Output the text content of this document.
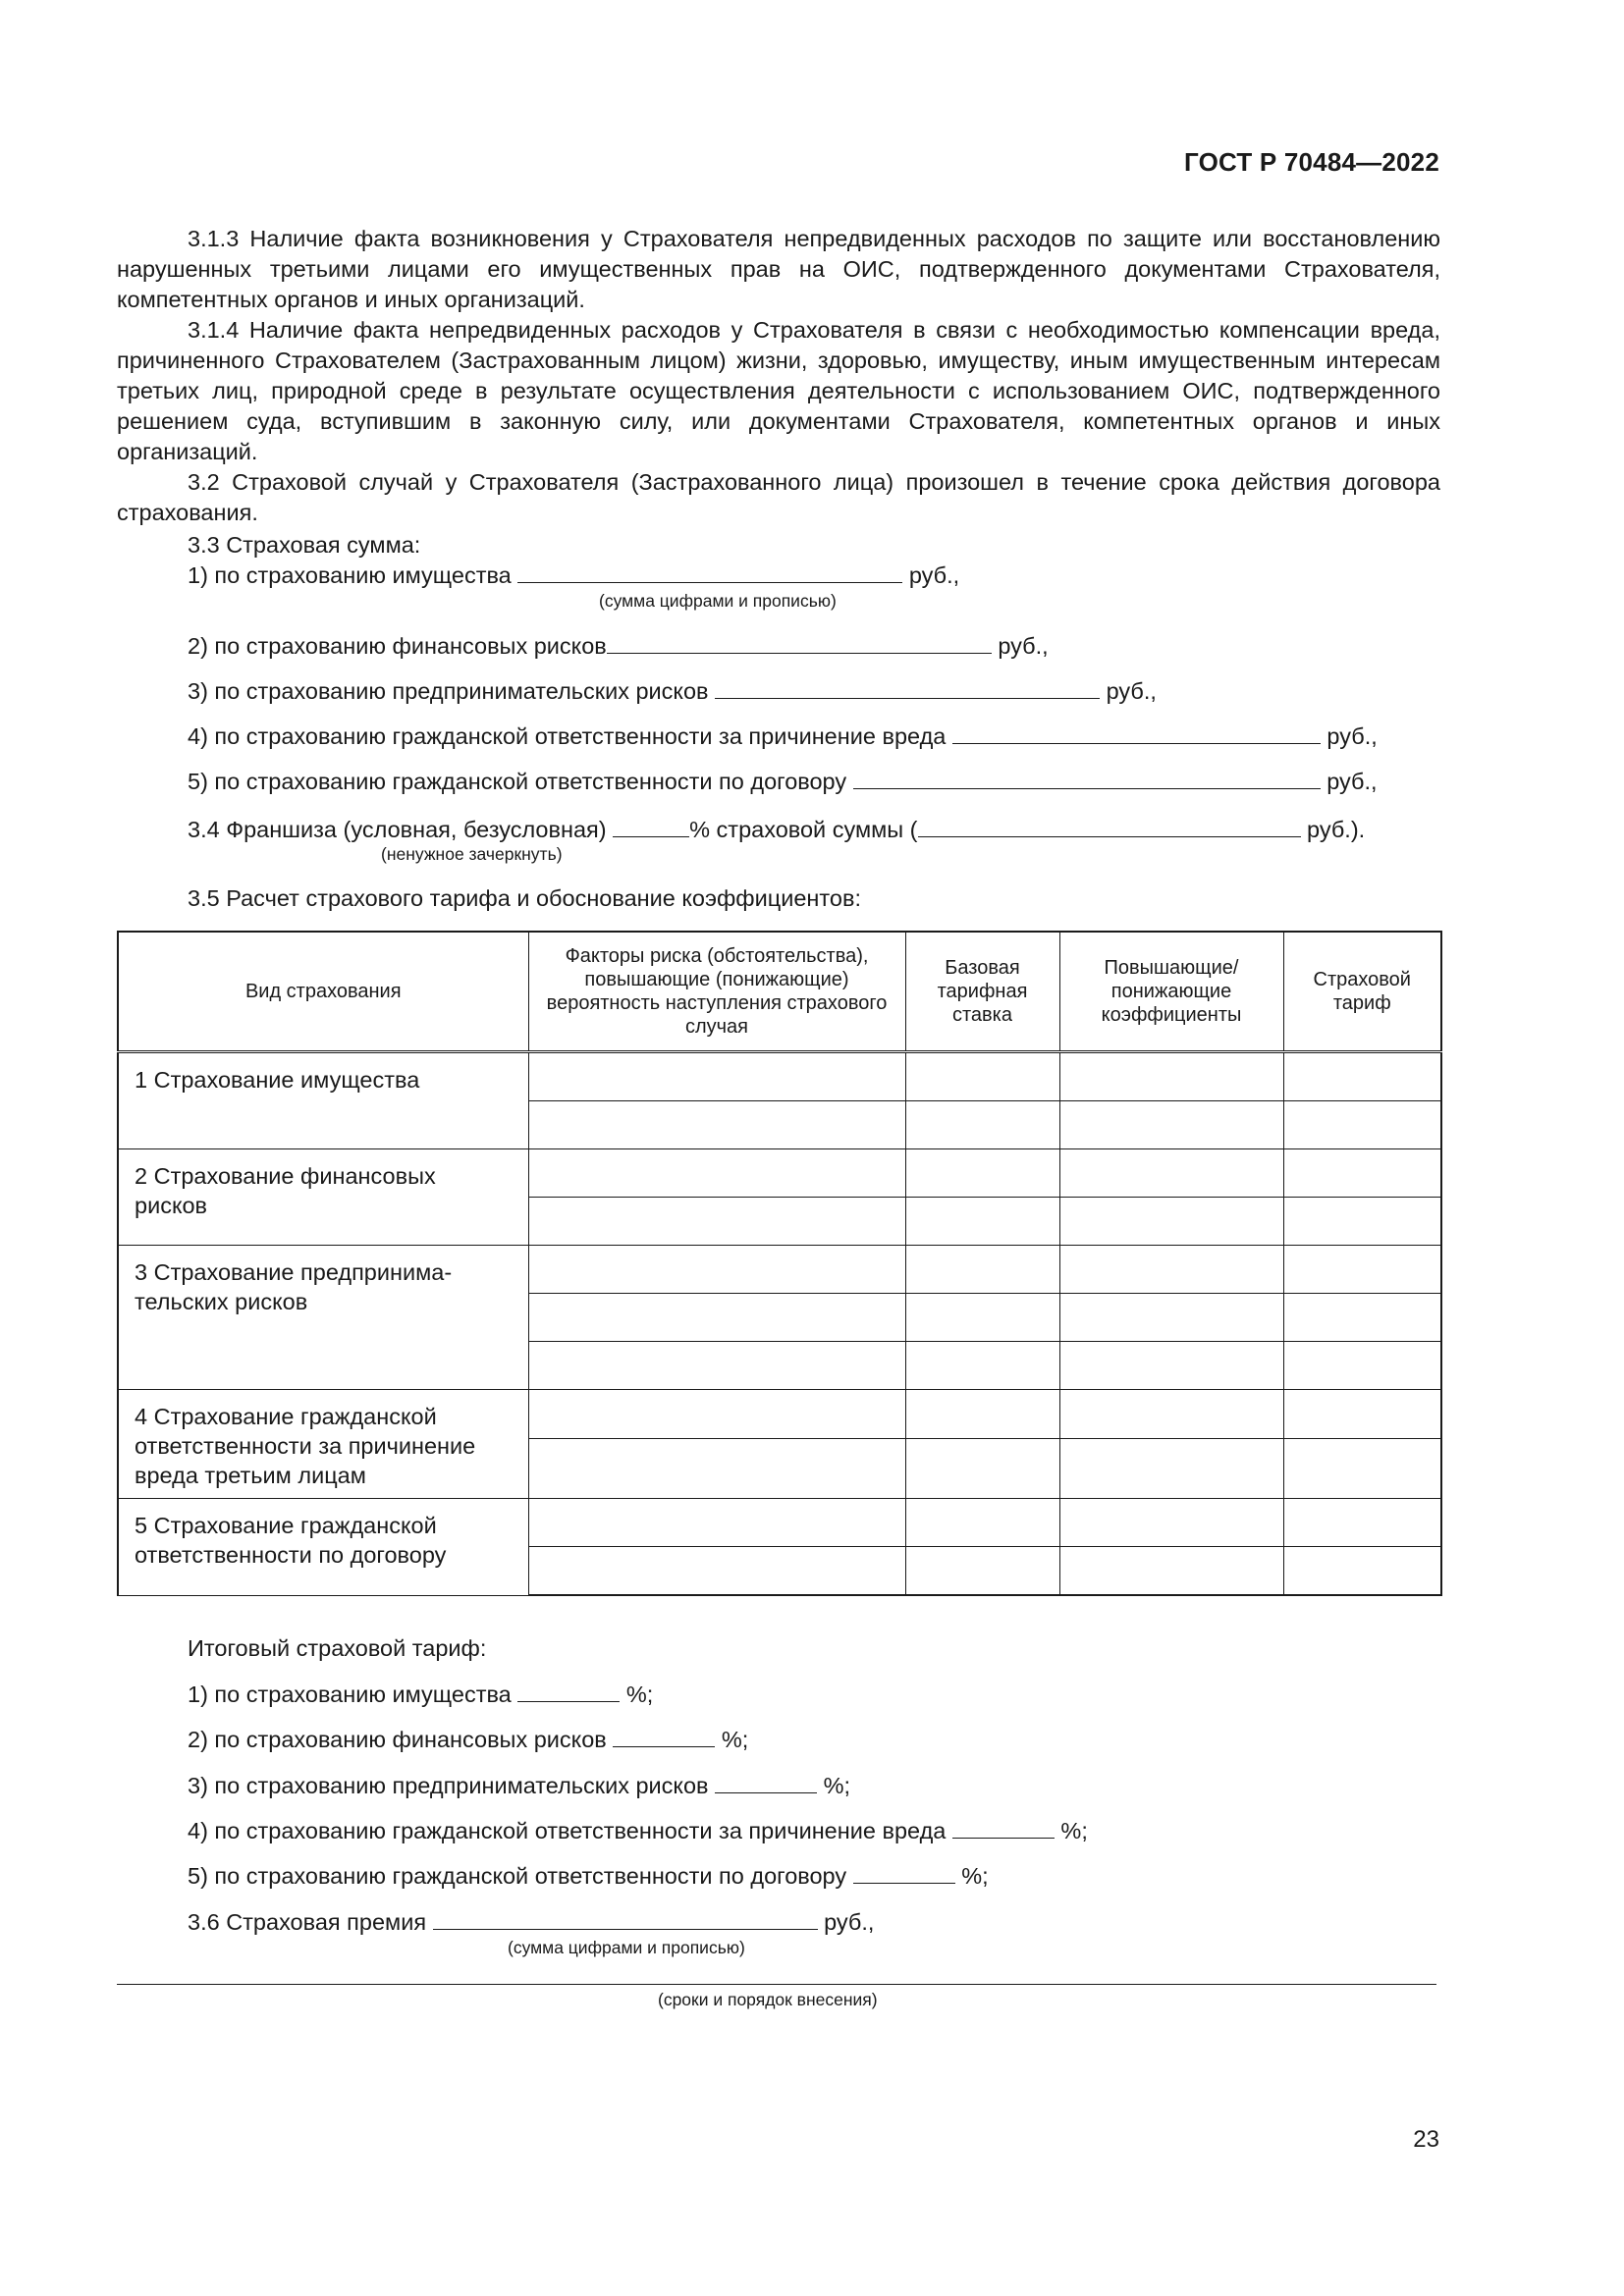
ГОСТ Р 70484—2022

3.1.3 Наличие факта возникновения у Страхователя непредвиденных расходов по защите или восстановлению нарушенных третьими лицами его имущественных прав на ОИС, подтвержденного документами Страхователя, компетентных органов и иных организаций.

3.1.4 Наличие факта непредвиденных расходов у Страхователя в связи с необходимостью компенсации вреда, причиненного Страхователем (Застрахованным лицом) жизни, здоровью, имуществу, иным имущественным интересам третьих лиц, природной среде в результате осуществления деятельности с использованием ОИС, подтвержденного решением суда, вступившим в законную силу, или документами Страхователя, компетентных органов и иных организаций.

3.2 Страховой случай у Страхователя (Застрахованного лица) произошел в течение срока действия договора страхования.

3.3 Страховая сумма:
1) по страхованию имущества	руб.,
(сумма цифрами и прописью)
2) по страхованию финансовых рисков	руб.,
3) по страхованию предпринимательских рисков	руб.,
4) по страхованию гражданской ответственности за причинение вреда	руб.,
5) по страхованию гражданской ответственности по договору	руб.,
3.4 Франшиза (условная, безусловная)	% страховой суммы (	руб.).
(ненужное зачеркнуть)
3.5 Расчет страхового тарифа и обоснование коэффициентов:
Вид страхования	Факторы риска (обстоятельства), повышающие (понижающие) вероятность наступления страхового случая	Базовая тарифная ставка	Повышающие/ понижающие коэффициенты	Страховой тариф
1 Страхование имущества				

2 Страхование финансовых рисков				

3 Страхование предпринима-тельских рисков				

4 Страхование гражданской ответственности за причинение вреда третьим лицам				

5 Страхование гражданской ответственности по договору				

Итоговый страховой тариф:
1) по страхованию имущества	%;
2) по страхованию финансовых рисков	%;
3) по страхованию предпринимательских рисков	%;
4) по страхованию гражданской ответственности за причинение вреда	%;
5) по страхованию гражданской ответственности по договору	%;
3.6 Страховая премия	руб.,
(сумма цифрами и прописью)
(сроки и порядок внесения)
23
